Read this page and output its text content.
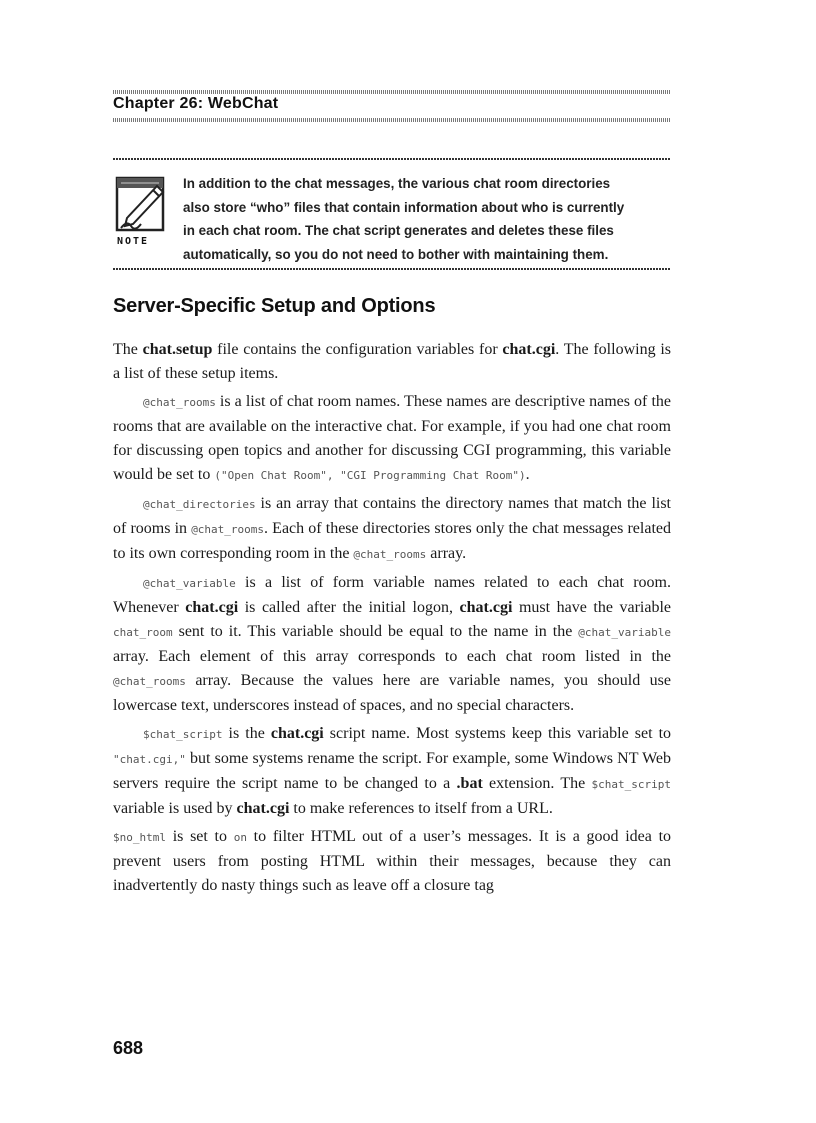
Chapter 26: WebChat
NOTE
In addition to the chat messages, the various chat room directories
also store “who” files that contain information about who is currently
in each chat room. The chat script generates and deletes these files
automatically, so you do not need to bother with maintaining them.
Server-Specific Setup and Options

The chat.setup file contains the configuration variables for chat.cgi. The following is a list of these setup items.

@chat_rooms is a list of chat room names. These names are descriptive names of the rooms that are available on the interactive chat. For example, if you had one chat room for discussing open topics and another for discussing CGI programming, this variable would be set to ("Open Chat Room", "CGI Programming Chat Room").

@chat_directories is an array that contains the directory names that match the list of rooms in @chat_rooms. Each of these directories stores only the chat messages related to its own corresponding room in the @chat_rooms array.

@chat_variable is a list of form variable names related to each chat room. Whenever chat.cgi is called after the initial logon, chat.cgi must have the variable chat_room sent to it. This variable should be equal to the name in the @chat_variable array. Each element of this array corresponds to each chat room listed in the @chat_rooms array. Because the values here are variable names, you should use lowercase text, underscores instead of spaces, and no special characters.

$chat_script is the chat.cgi script name. Most systems keep this variable set to "chat.cgi," but some systems rename the script. For example, some Windows NT Web servers require the script name to be changed to a .bat extension. The $chat_script variable is used by chat.cgi to make references to itself from a URL.

$no_html is set to on to filter HTML out of a user’s messages. It is a good idea to prevent users from posting HTML within their messages, because they can inadvertently do nasty things such as leave off a closure tag

688
